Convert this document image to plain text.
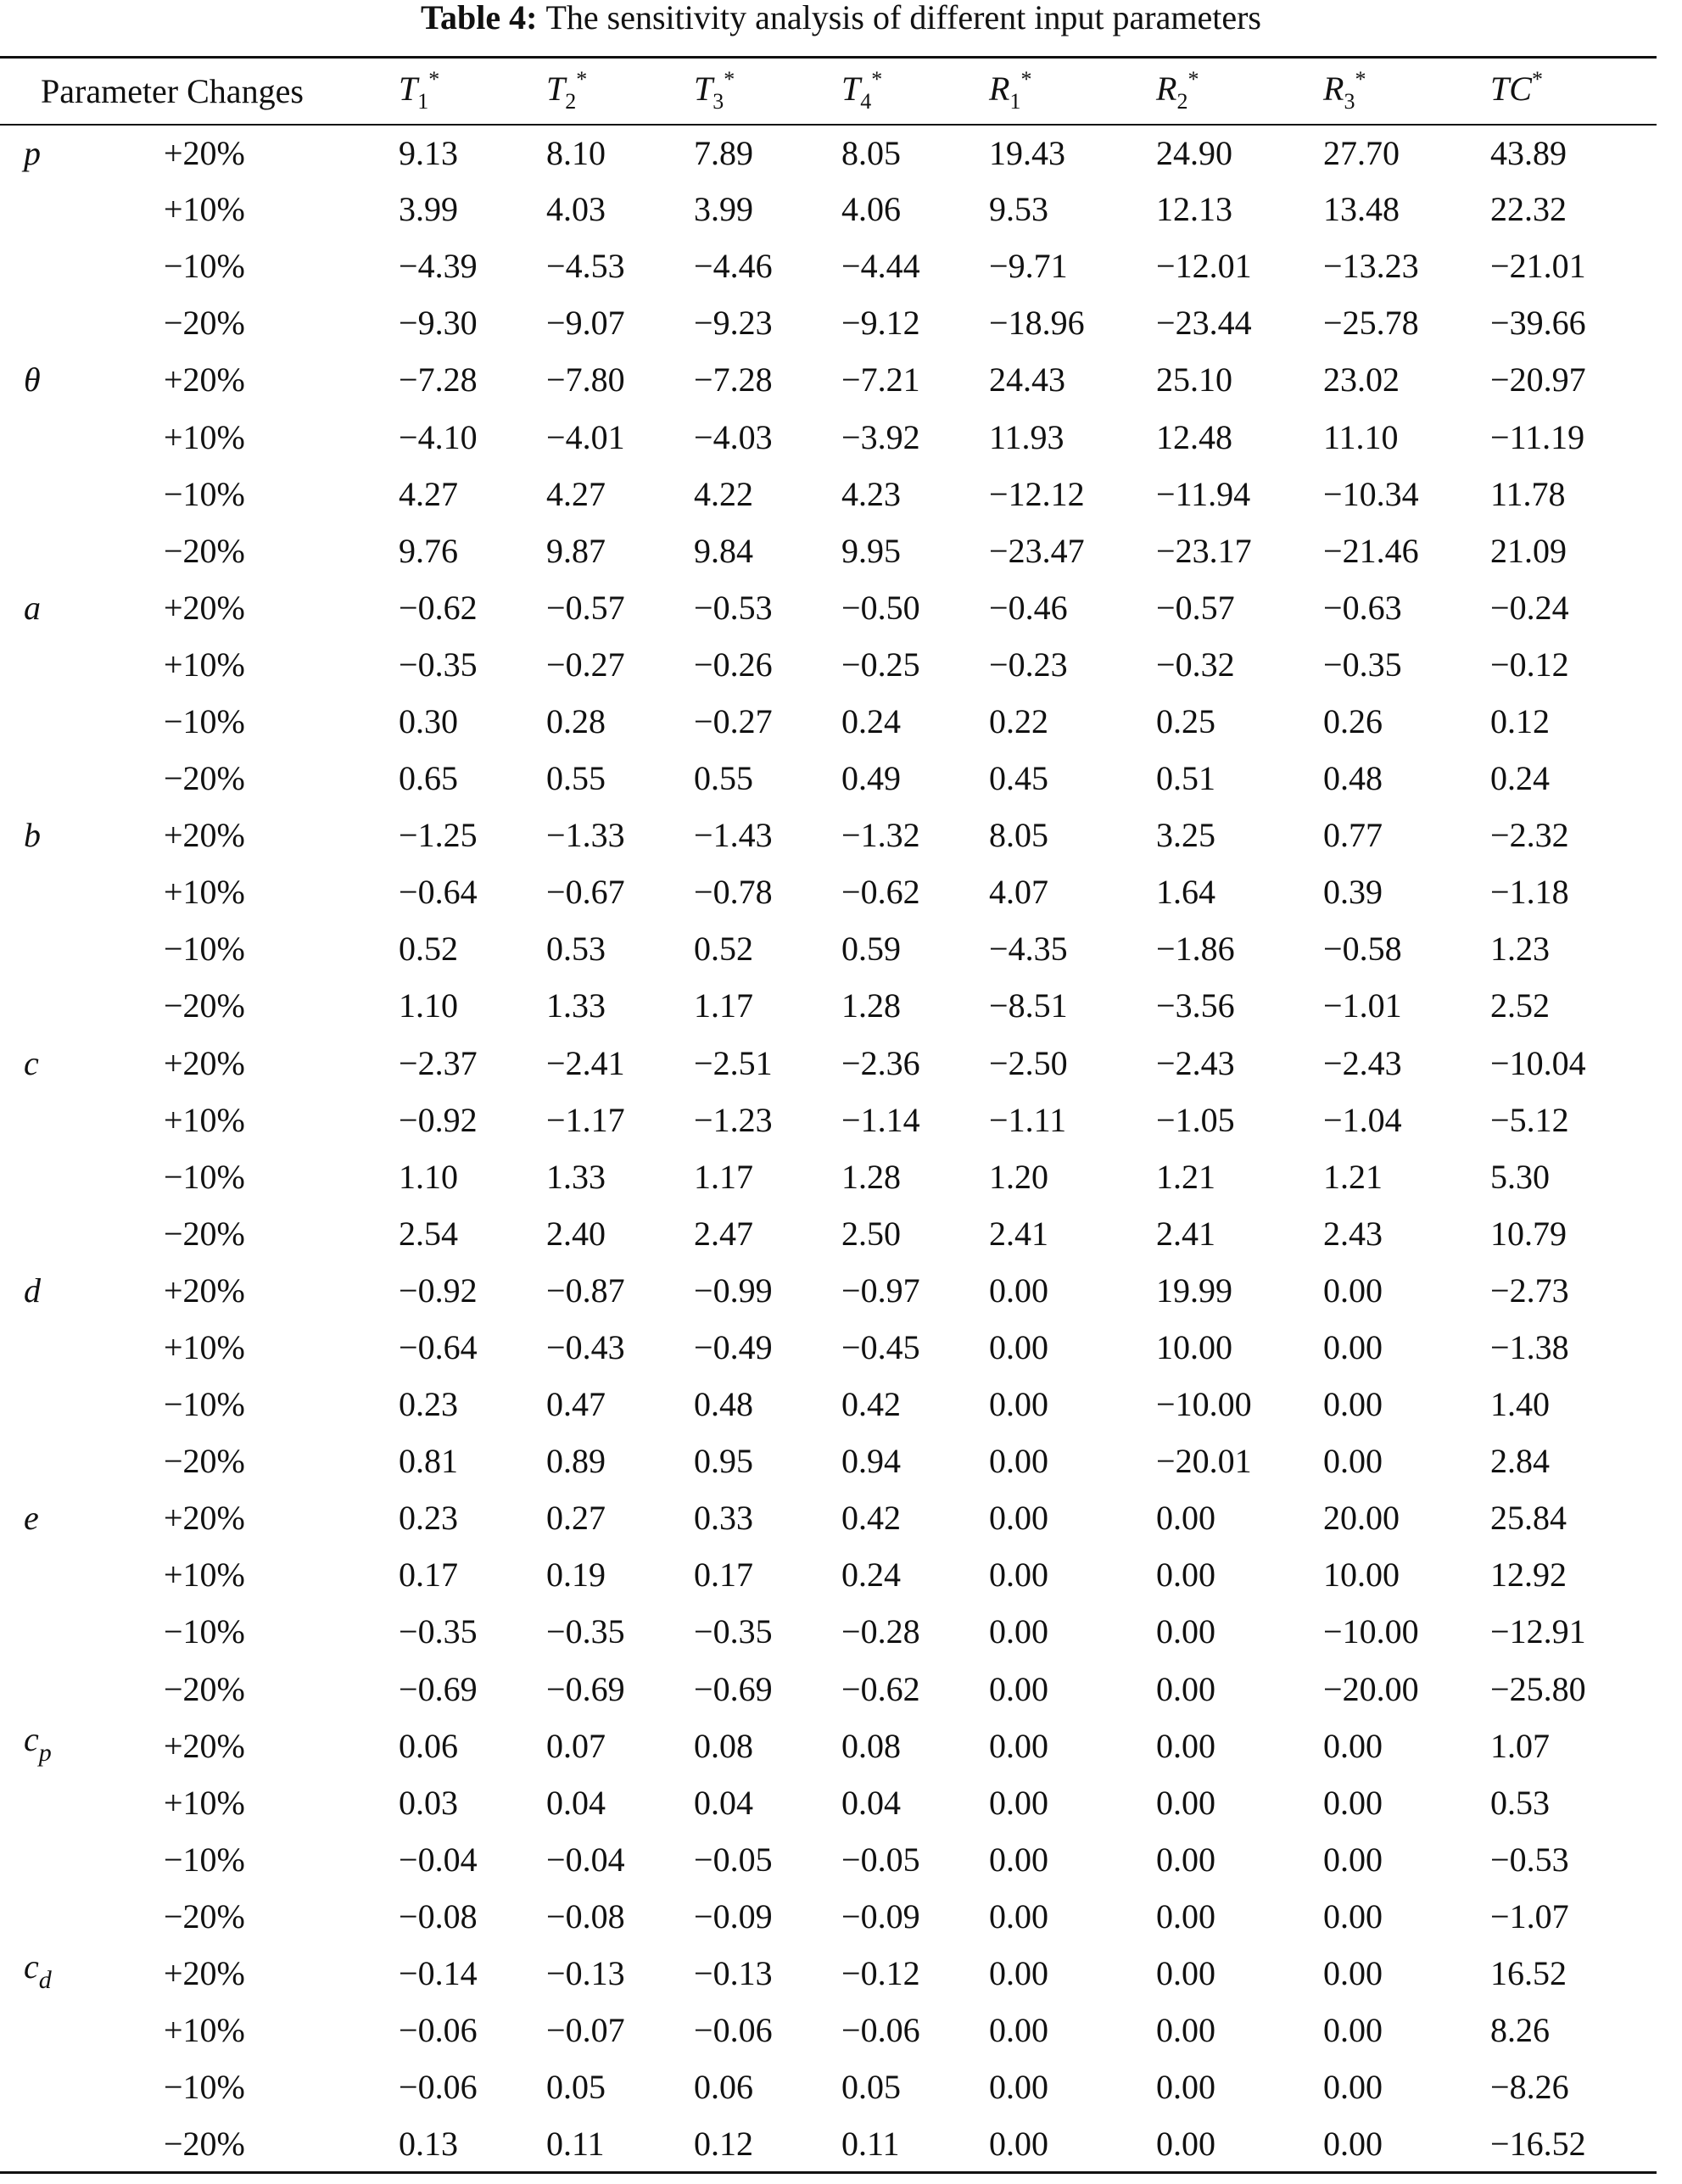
Table 4: The sensitivity analysis of different input parameters
Parameter Changes		$T_1^*$	$T_2^*$	$T_3^*$	$T_4^*$	$R_1^*$	$R_2^*$	$R_3^*$	TC*
p	+20%	9.13	8.10	7.89	8.05	19.43	24.90	27.70	43.89
	+10%	3.99	4.03	3.99	4.06	9.53	12.13	13.48	22.32
	−10%	−4.39	−4.53	−4.46	−4.44	−9.71	−12.01	−13.23	−21.01
	−20%	−9.30	−9.07	−9.23	−9.12	−18.96	−23.44	−25.78	−39.66
θ	+20%	−7.28	−7.80	−7.28	−7.21	24.43	25.10	23.02	−20.97
	+10%	−4.10	−4.01	−4.03	−3.92	11.93	12.48	11.10	−11.19
	−10%	4.27	4.27	4.22	4.23	−12.12	−11.94	−10.34	11.78
	−20%	9.76	9.87	9.84	9.95	−23.47	−23.17	−21.46	21.09
a	+20%	−0.62	−0.57	−0.53	−0.50	−0.46	−0.57	−0.63	−0.24
	+10%	−0.35	−0.27	−0.26	−0.25	−0.23	−0.32	−0.35	−0.12
	−10%	0.30	0.28	−0.27	0.24	0.22	0.25	0.26	0.12
	−20%	0.65	0.55	0.55	0.49	0.45	0.51	0.48	0.24
b	+20%	−1.25	−1.33	−1.43	−1.32	8.05	3.25	0.77	−2.32
	+10%	−0.64	−0.67	−0.78	−0.62	4.07	1.64	0.39	−1.18
	−10%	0.52	0.53	0.52	0.59	−4.35	−1.86	−0.58	1.23
	−20%	1.10	1.33	1.17	1.28	−8.51	−3.56	−1.01	2.52
c	+20%	−2.37	−2.41	−2.51	−2.36	−2.50	−2.43	−2.43	−10.04
	+10%	−0.92	−1.17	−1.23	−1.14	−1.11	−1.05	−1.04	−5.12
	−10%	1.10	1.33	1.17	1.28	1.20	1.21	1.21	5.30
	−20%	2.54	2.40	2.47	2.50	2.41	2.41	2.43	10.79
d	+20%	−0.92	−0.87	−0.99	−0.97	0.00	19.99	0.00	−2.73
	+10%	−0.64	−0.43	−0.49	−0.45	0.00	10.00	0.00	−1.38
	−10%	0.23	0.47	0.48	0.42	0.00	−10.00	0.00	1.40
	−20%	0.81	0.89	0.95	0.94	0.00	−20.01	0.00	2.84
e	+20%	0.23	0.27	0.33	0.42	0.00	0.00	20.00	25.84
	+10%	0.17	0.19	0.17	0.24	0.00	0.00	10.00	12.92
	−10%	−0.35	−0.35	−0.35	−0.28	0.00	0.00	−10.00	−12.91
	−20%	−0.69	−0.69	−0.69	−0.62	0.00	0.00	−20.00	−25.80
$c_p$	+20%	0.06	0.07	0.08	0.08	0.00	0.00	0.00	1.07
	+10%	0.03	0.04	0.04	0.04	0.00	0.00	0.00	0.53
	−10%	−0.04	−0.04	−0.05	−0.05	0.00	0.00	0.00	−0.53
	−20%	−0.08	−0.08	−0.09	−0.09	0.00	0.00	0.00	−1.07
$c_d$	+20%	−0.14	−0.13	−0.13	−0.12	0.00	0.00	0.00	16.52
	+10%	−0.06	−0.07	−0.06	−0.06	0.00	0.00	0.00	8.26
	−10%	−0.06	0.05	0.06	0.05	0.00	0.00	0.00	−8.26
	−20%	0.13	0.11	0.12	0.11	0.00	0.00	0.00	−16.52
